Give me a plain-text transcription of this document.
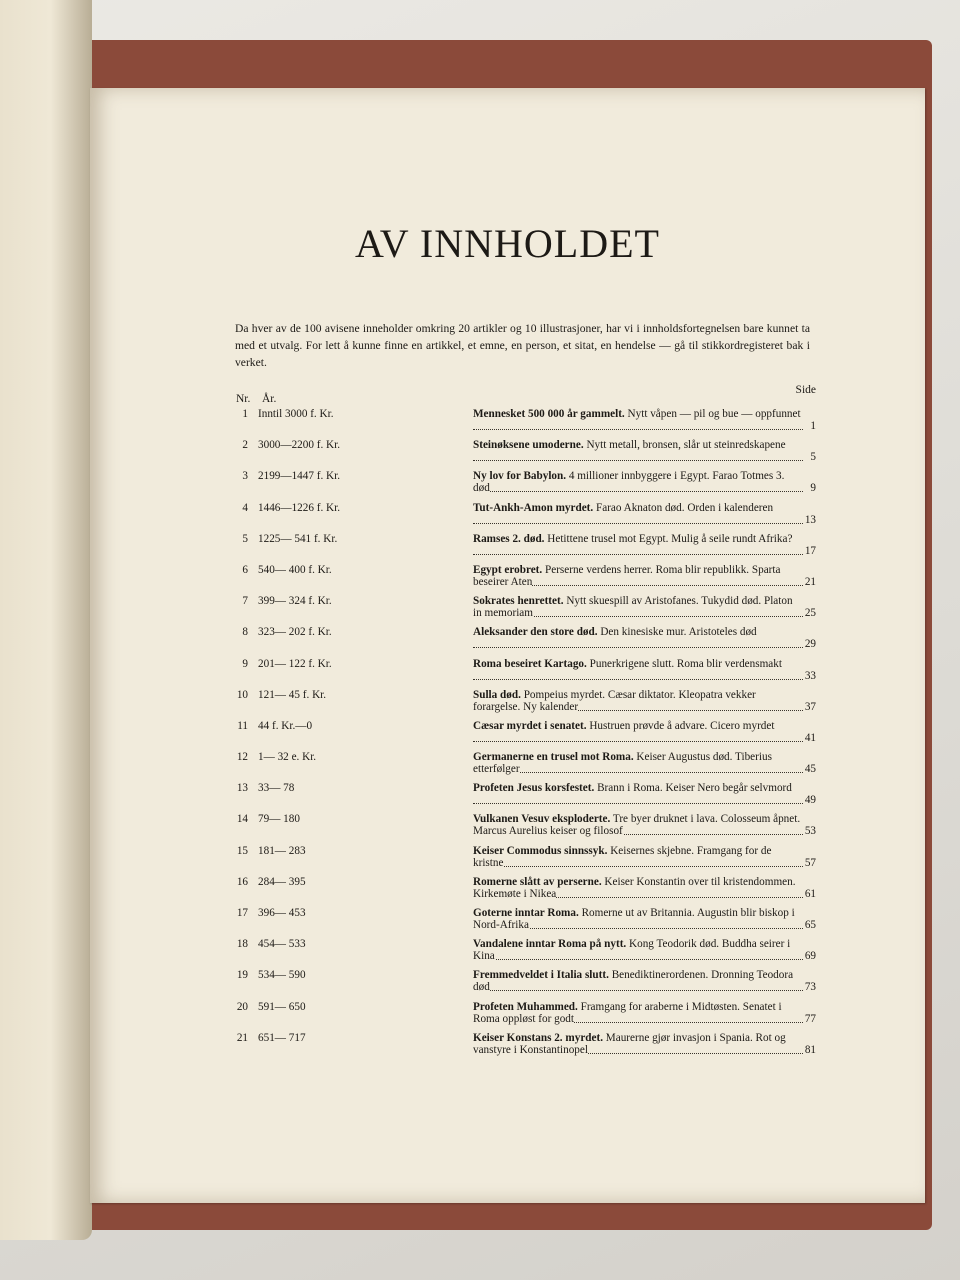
AV INNHOLDET

Da hver av de 100 avisene inneholder omkring 20 artikler og 10 illustrasjoner, har vi i innholdsfortegnelsen bare kunnet ta med et utvalg. For lett å kunne finne en artikkel, et emne, en person, et sitat, en hendelse — gå til stikkordregisteret bak i verket.

Nr. År.
Side
1 Inntil 3000 f. Kr.	Mennesket 500 000 år gammelt. Nytt våpen — pil og bue — oppfunnet
1
2 3000—2200 f. Kr.	Steinøksene umoderne. Nytt metall, bronsen, slår ut steinredskapene
5
3 2199—1447 f. Kr.	Ny lov for Babylon. 4 millioner innbyggere i Egypt. Farao Totmes 3. død	9
4 1446—1226 f. Kr.	Tut-Ankh-Amon myrdet. Farao Aknaton død. Orden i kalenderen
13
5 1225— 541 f. Kr.	Ramses 2. død. Hetittene trusel mot Egypt. Mulig å seile rundt Afrika?
17
6 540— 400 f. Kr.	Egypt erobret. Perserne verdens herrer. Roma blir republikk. Sparta beseirer Aten	21
7 399— 324 f. Kr.	Sokrates henrettet. Nytt skuespill av Aristofanes. Tukydid død. Platon in memoriam	25
8 323— 202 f. Kr.	Aleksander den store død. Den kinesiske mur. Aristoteles død
29
9 201— 122 f. Kr.	Roma beseiret Kartago. Punerkrigene slutt. Roma blir verdensmakt
33
10 121— 45 f. Kr.	Sulla død. Pompeius myrdet. Cæsar diktator. Kleopatra vekker forargelse. Ny kalender	37
11 44 f. Kr.—0	Cæsar myrdet i senatet. Hustruen prøvde å advare. Cicero myrdet
41
12 1— 32 e. Kr.	Germanerne en trusel mot Roma. Keiser Augustus død. Tiberius etterfølger	45
13 33— 78	Profeten Jesus korsfestet. Brann i Roma. Keiser Nero begår selvmord
49
14 79— 180	Vulkanen Vesuv eksploderte. Tre byer druknet i lava. Colosseum åpnet. Marcus Aurelius keiser og filosof	53
15 181— 283	Keiser Commodus sinnssyk. Keisernes skjebne. Framgang for de kristne	57
16 284— 395	Romerne slått av perserne. Keiser Konstantin over til kristendommen. Kirkemøte i Nikea	61
17 396— 453	Goterne inntar Roma. Romerne ut av Britannia. Augustin blir biskop i Nord-Afrika	65
18 454— 533	Vandalene inntar Roma på nytt. Kong Teodorik død. Buddha seirer i Kina	69
19 534— 590	Fremmedveldet i Italia slutt. Benediktinerordenen. Dronning Teodora død	73
20 591— 650	Profeten Muhammed. Framgang for araberne i Midtøsten. Senatet i Roma oppløst for godt	77
21 651— 717	Keiser Konstans 2. myrdet. Maurerne gjør invasjon i Spania. Rot og vanstyre i Konstantinopel	81
